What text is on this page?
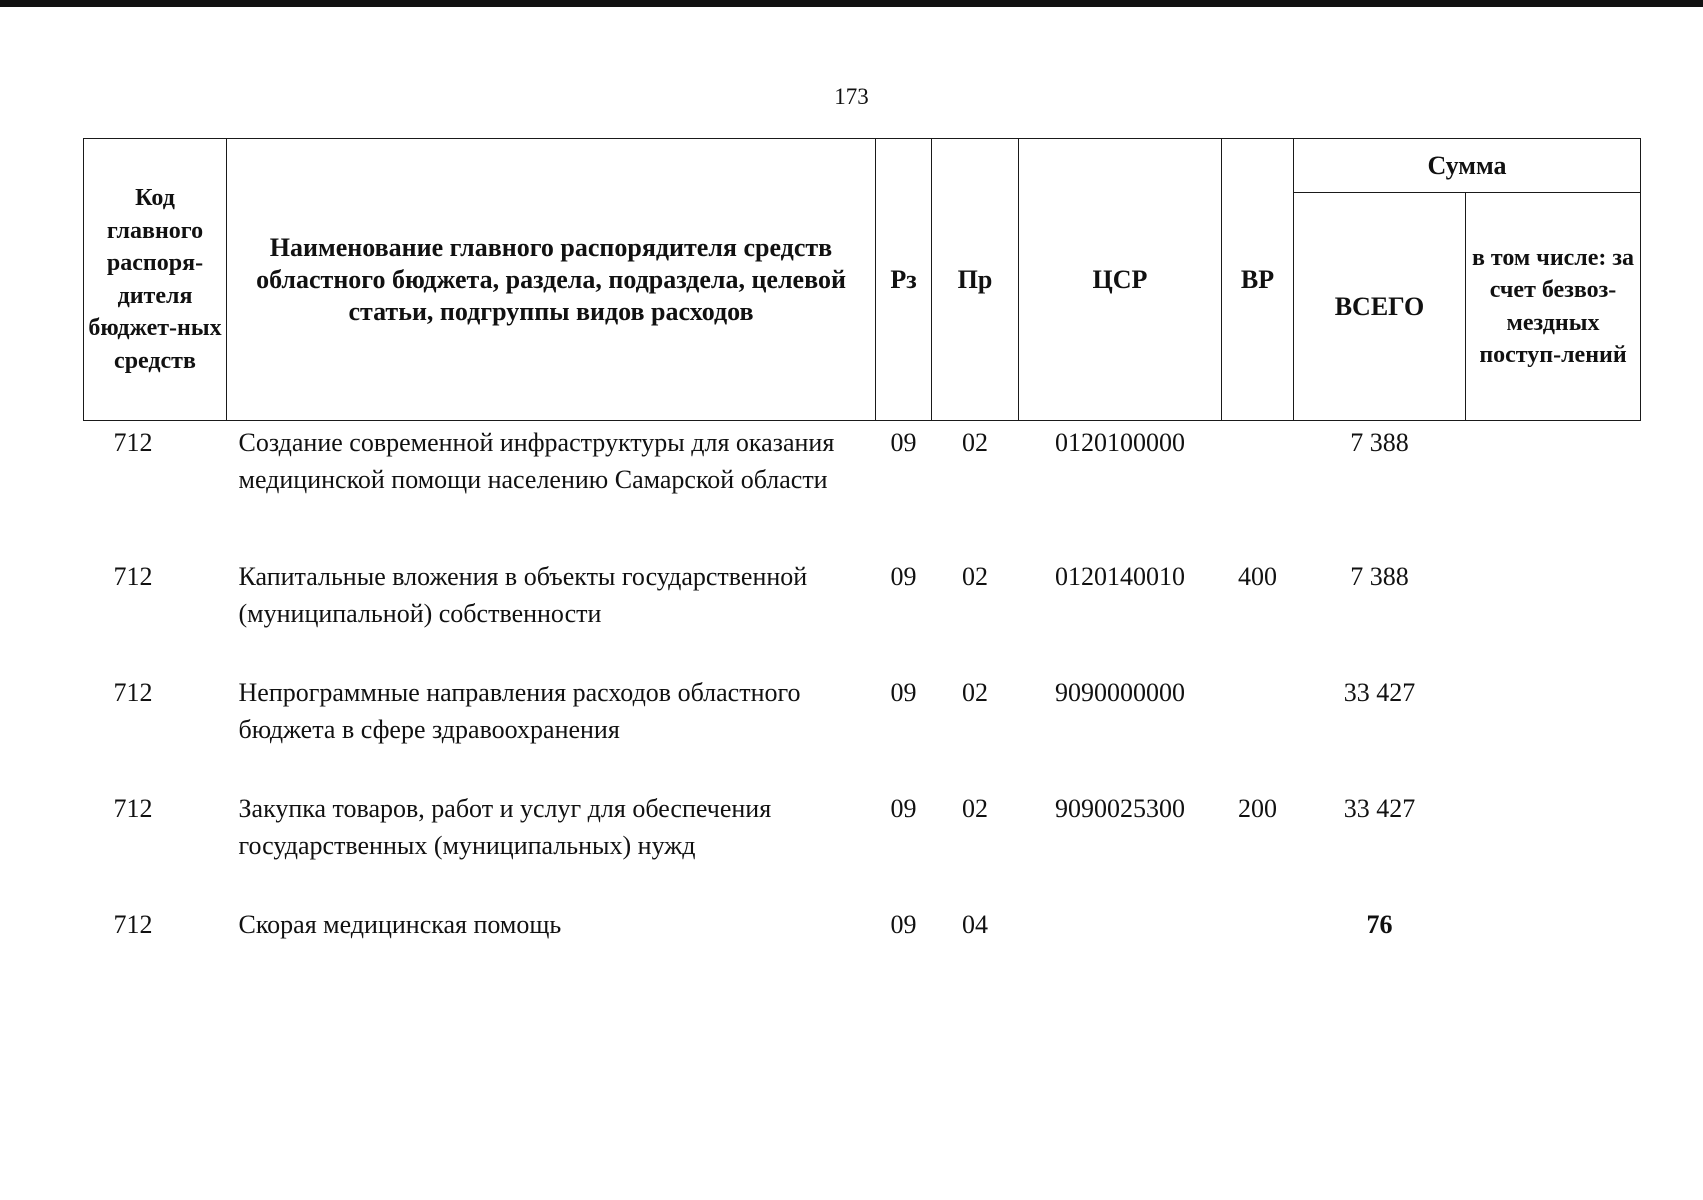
173
Код главного распоря-дителя бюджет-ных средств	Наименование главного распорядителя средств областного бюджета, раздела, подраздела, целевой статьи, подгруппы видов расходов	Рз	Пр	ЦСР	ВР	Сумма	
						ВСЕГО	в том числе: за счет безвоз-мездных поступ-лений
712	Создание современной инфраструктуры для оказания медицинской помощи населению Самарской области	09	02	0120100000		7 388	
712	Капитальные вложения в объекты государственной (муниципальной) собственности	09	02	0120140010	400	7 388	
712	Непрограммные направления расходов областного бюджета в сфере здравоохранения	09	02	9090000000		33 427	
712	Закупка товаров, работ и услуг для обеспечения государственных (муниципальных) нужд	09	02	9090025300	200	33 427	
712	Скорая медицинская помощь	09	04			76	
